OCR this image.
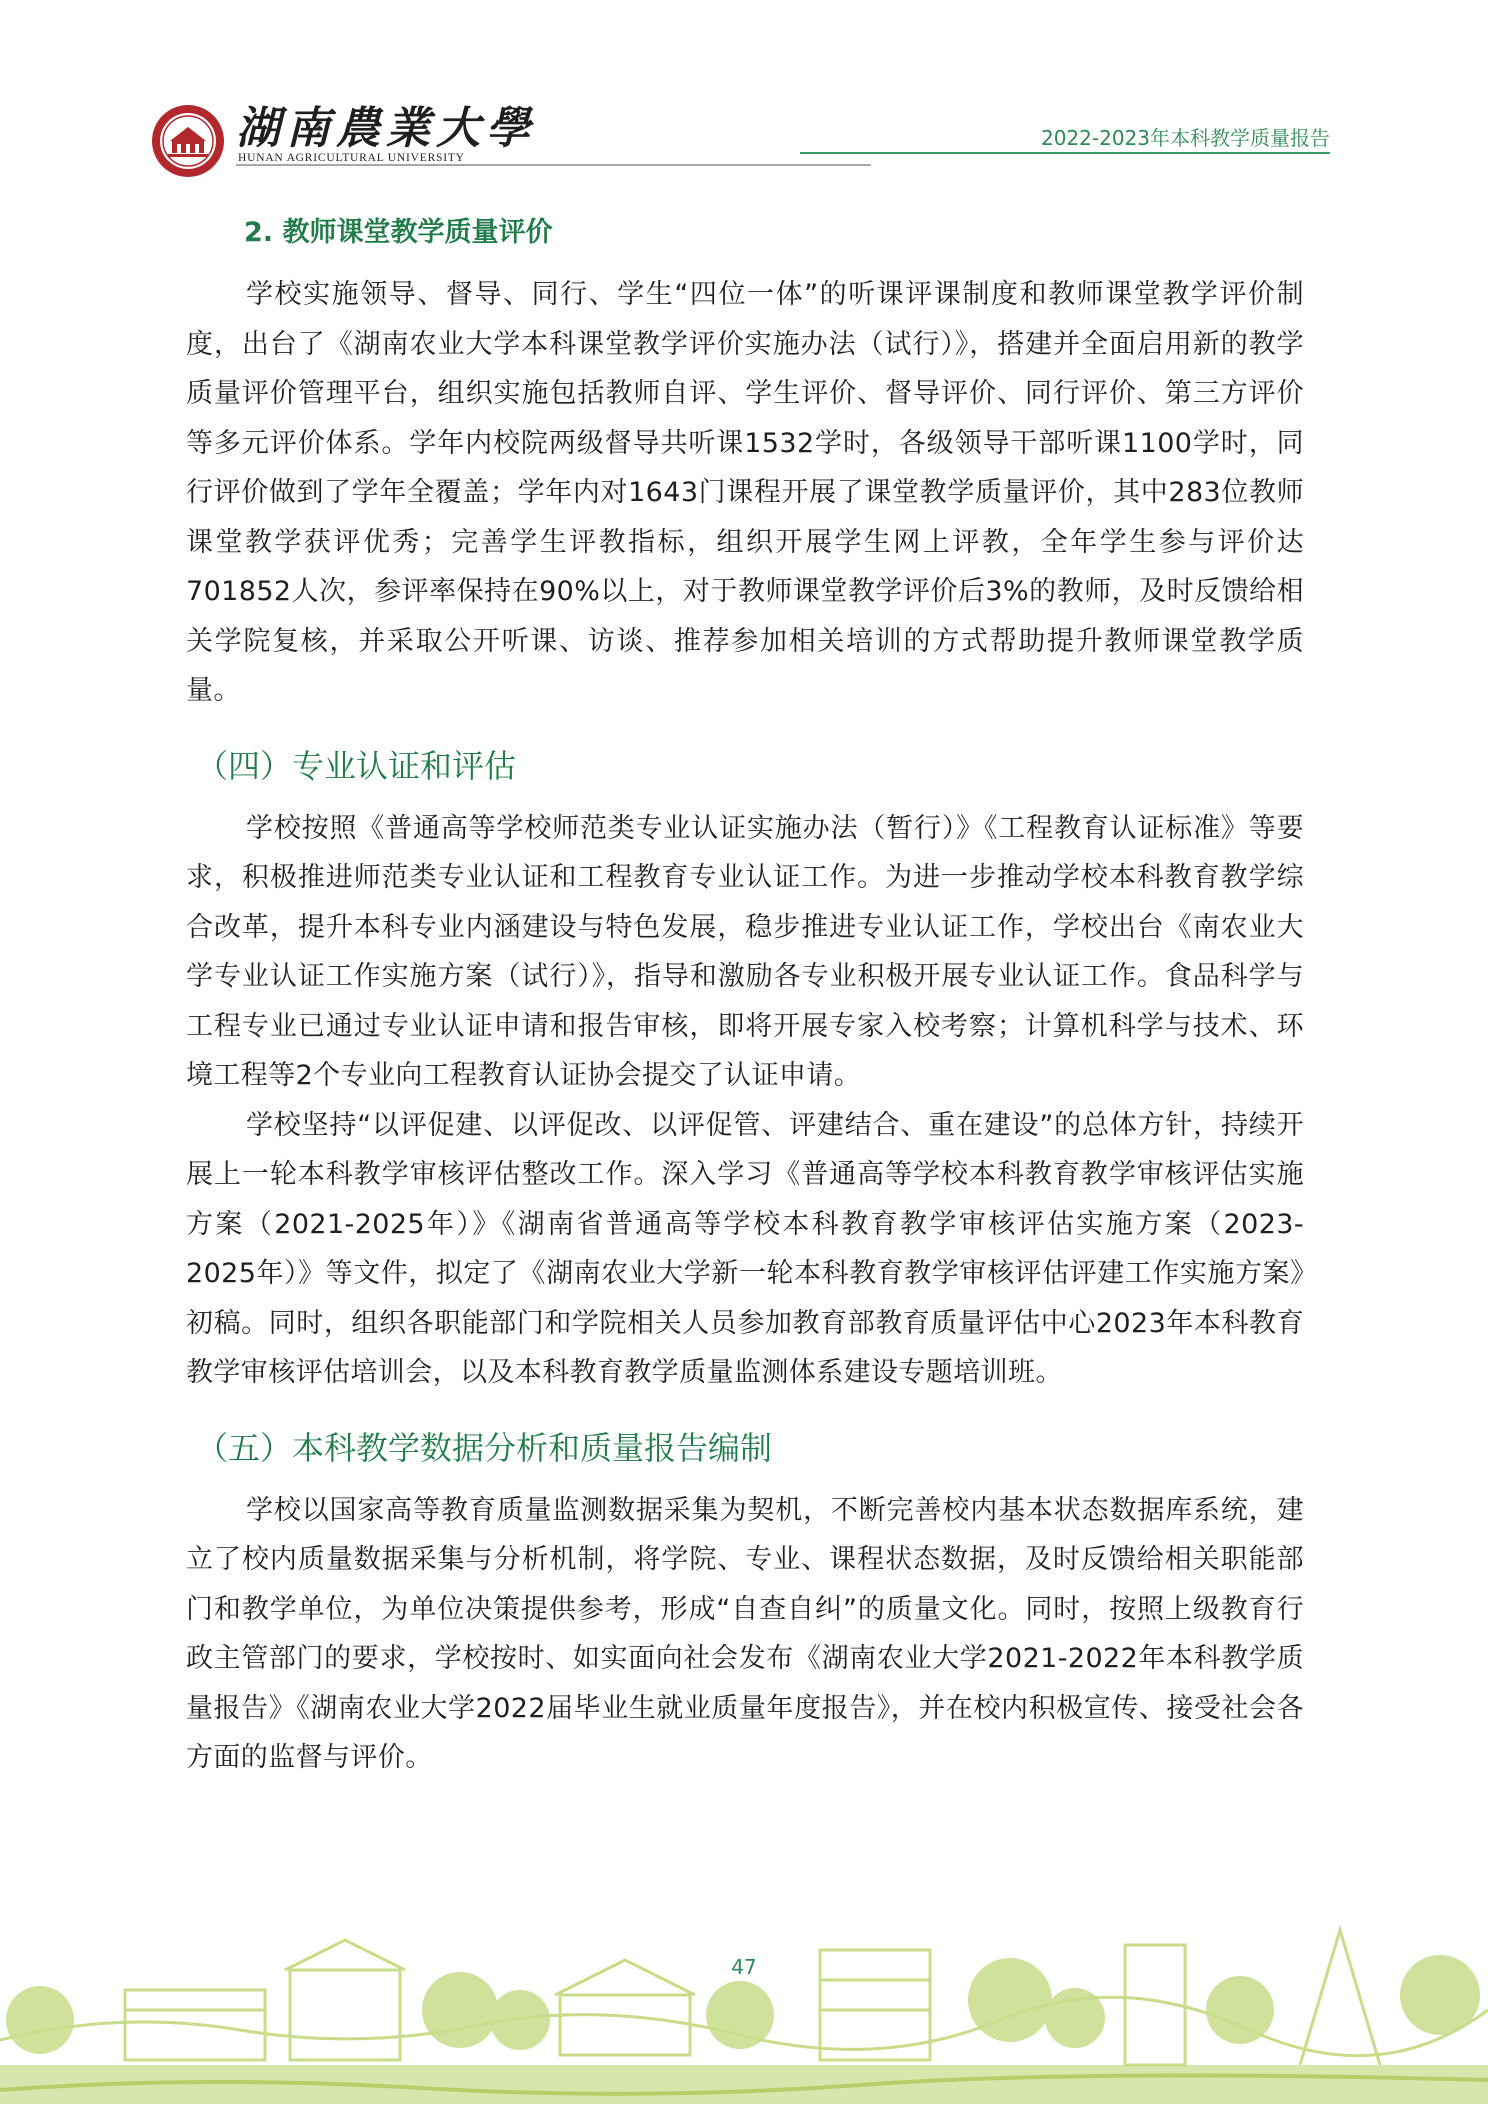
湖南農業大學
HUNAN AGRICULTURAL UNIVERSITY
2022-2023年本科教学质量报告
2. 教师课堂教学质量评价

学校实施领导、督导、同行、学生“四位一体”的听课评课制度和教师课堂教学评价制度，出台了《湖南农业大学本科课堂教学评价实施办法（试行）》，搭建并全面启用新的教学质量评价管理平台，组织实施包括教师自评、学生评价、督导评价、同行评价、第三方评价等多元评价体系。学年内校院两级督导共听课1532学时，各级领导干部听课1100学时，同行评价做到了学年全覆盖；学年内对1643门课程开展了课堂教学质量评价，其中283位教师课堂教学获评优秀；完善学生评教指标，组织开展学生网上评教，全年学生参与评价达701852人次，参评率保持在90%以上，对于教师课堂教学评价后3%的教师，及时反馈给相关学院复核，并采取公开听课、访谈、推荐参加相关培训的方式帮助提升教师课堂教学质量。

（四）专业认证和评估

学校按照《普通高等学校师范类专业认证实施办法（暂行）》《工程教育认证标准》等要求，积极推进师范类专业认证和工程教育专业认证工作。为进一步推动学校本科教育教学综合改革，提升本科专业内涵建设与特色发展，稳步推进专业认证工作，学校出台《南农业大学专业认证工作实施方案（试行）》，指导和激励各专业积极开展专业认证工作。食品科学与工程专业已通过专业认证申请和报告审核，即将开展专家入校考察；计算机科学与技术、环境工程等2个专业向工程教育认证协会提交了认证申请。

学校坚持“以评促建、以评促改、以评促管、评建结合、重在建设”的总体方针，持续开展上一轮本科教学审核评估整改工作。深入学习《普通高等学校本科教育教学审核评估实施方案（2021-2025年）》《湖南省普通高等学校本科教育教学审核评估实施方案（2023-2025年）》等文件，拟定了《湖南农业大学新一轮本科教育教学审核评估评建工作实施方案》初稿。同时，组织各职能部门和学院相关人员参加教育部教育质量评估中心2023年本科教育教学审核评估培训会，以及本科教育教学质量监测体系建设专题培训班。

（五）本科教学数据分析和质量报告编制

学校以国家高等教育质量监测数据采集为契机，不断完善校内基本状态数据库系统，建立了校内质量数据采集与分析机制，将学院、专业、课程状态数据，及时反馈给相关职能部门和教学单位，为单位决策提供参考，形成“自查自纠”的质量文化。同时，按照上级教育行政主管部门的要求，学校按时、如实面向社会发布《湖南农业大学2021-2022年本科教学质量报告》《湖南农业大学2022届毕业生就业质量年度报告》，并在校内积极宣传、接受社会各方面的监督与评价。

47
